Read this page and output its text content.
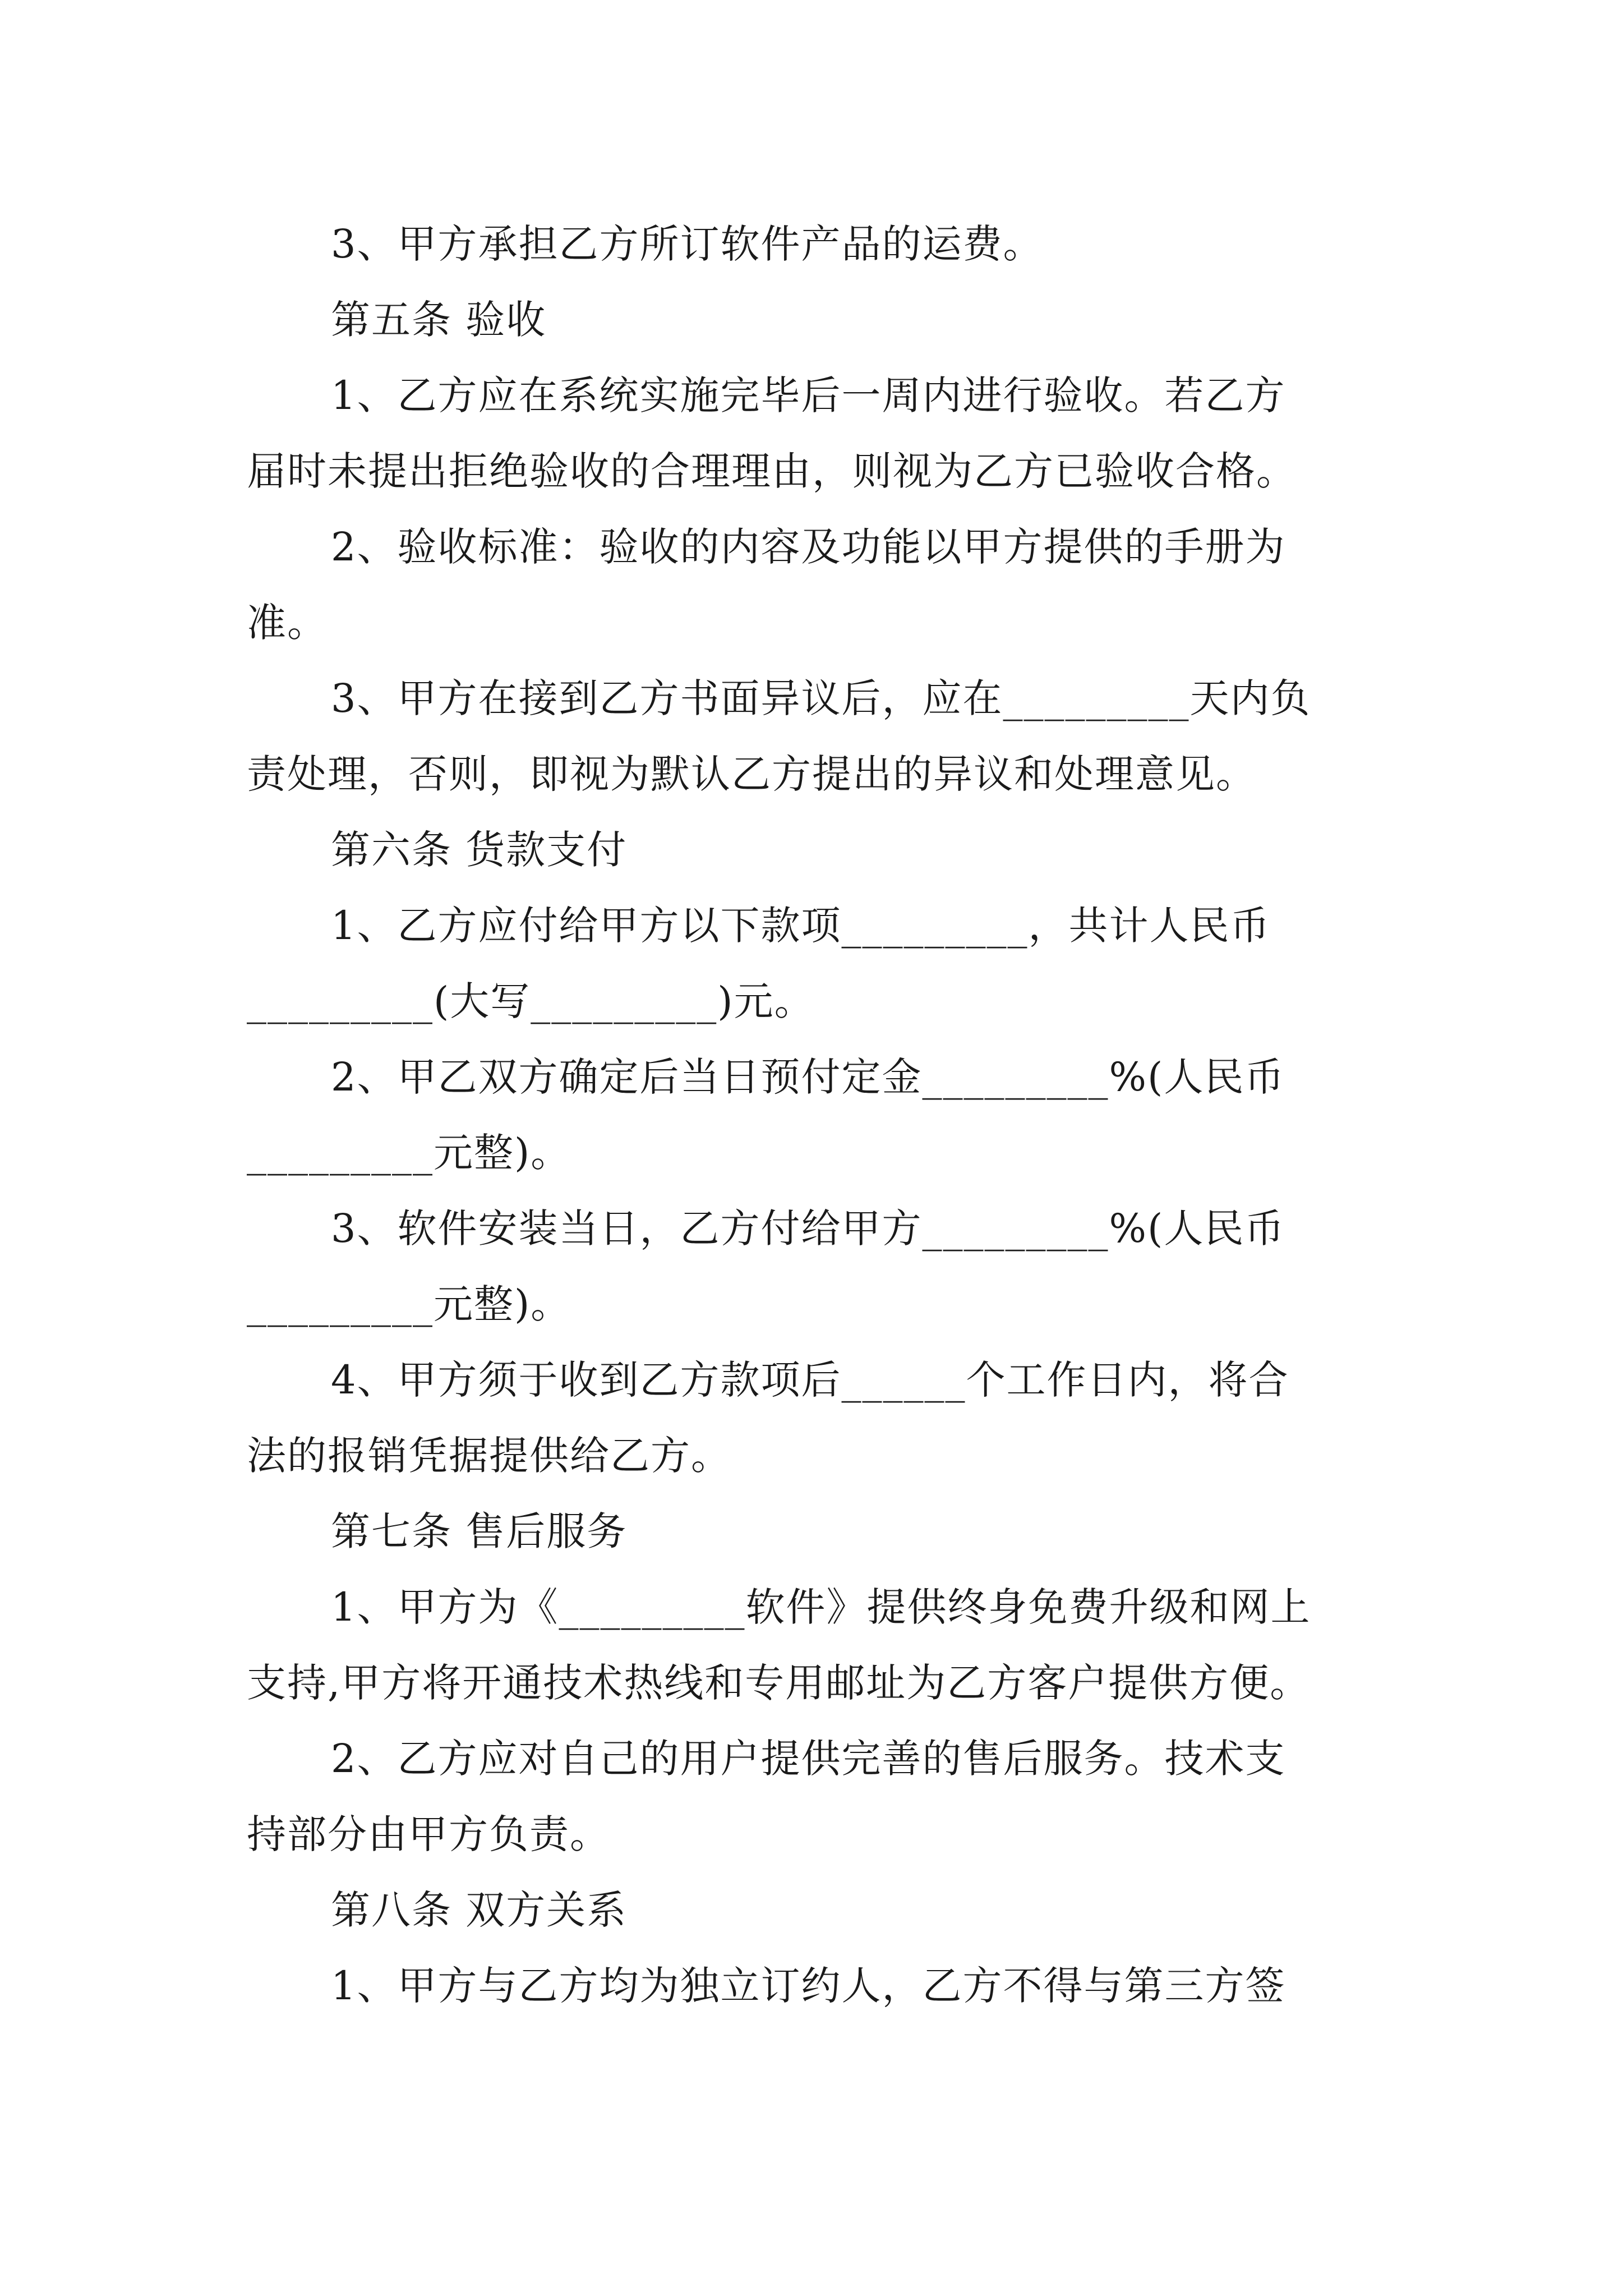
3、甲方承担乙方所订软件产品的运费。
第五条 验收
1、乙方应在系统实施完毕后一周内进行验收。若乙方
届时未提出拒绝验收的合理理由，则视为乙方已验收合格。
2、验收标准：验收的内容及功能以甲方提供的手册为
准。
3、甲方在接到乙方书面异议后，应在_________天内负
责处理，否则，即视为默认乙方提出的异议和处理意见。
第六条 货款支付
1、乙方应付给甲方以下款项_________，共计人民币
_________(大写_________)元。
2、甲乙双方确定后当日预付定金_________%(人民币
_________元整)。
3、软件安装当日，乙方付给甲方_________%(人民币
_________元整)。
4、甲方须于收到乙方款项后______个工作日内，将合
法的报销凭据提供给乙方。
第七条 售后服务
1、甲方为《_________软件》提供终身免费升级和网上
支持,甲方将开通技术热线和专用邮址为乙方客户提供方便。
2、乙方应对自己的用户提供完善的售后服务。技术支
持部分由甲方负责。
第八条 双方关系
1、甲方与乙方均为独立订约人，乙方不得与第三方签
